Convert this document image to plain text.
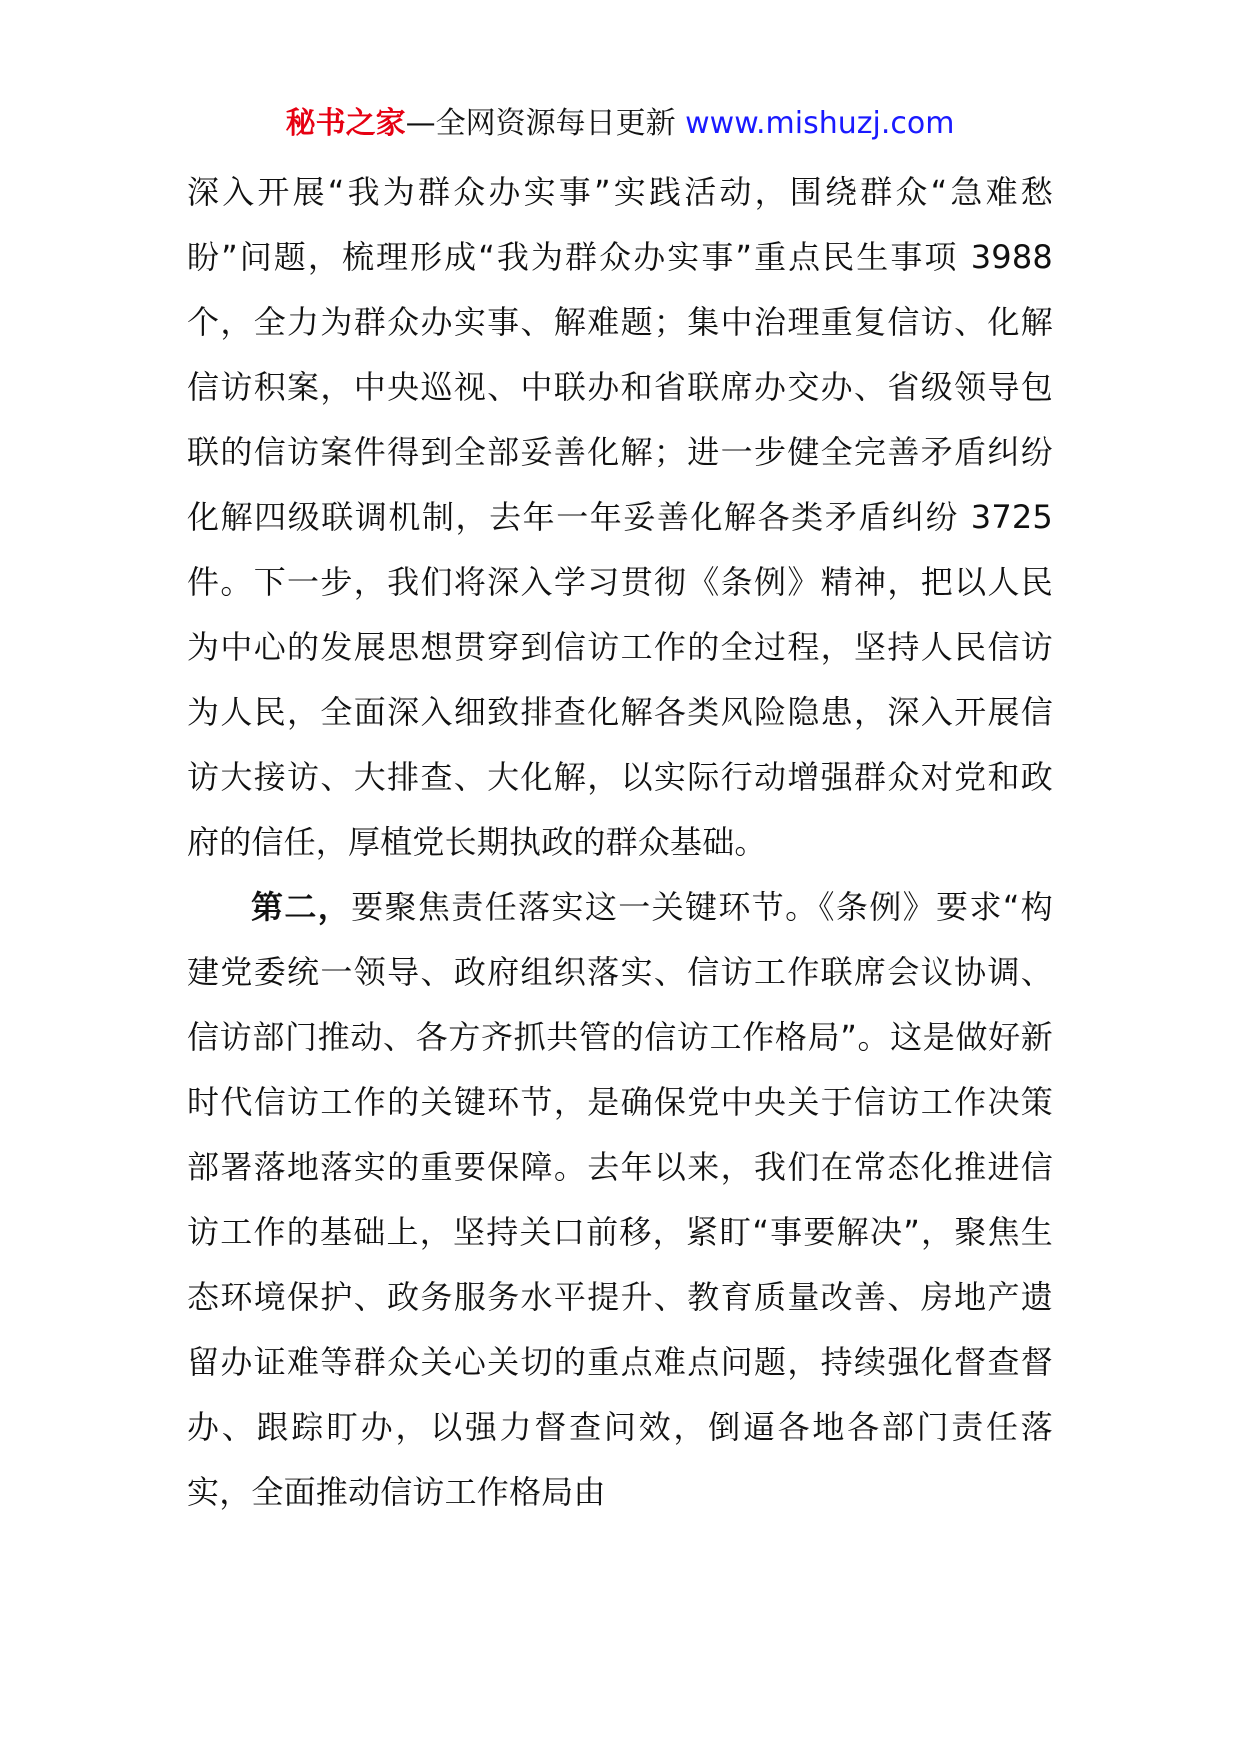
秘书之家—全网资源每日更新 www.mishuzj.com

深入开展“我为群众办实事”实践活动，围绕群众“急难愁盼”问题，梳理形成“我为群众办实事”重点民生事项 3988 个，全力为群众办实事、解难题；集中治理重复信访、化解信访积案，中央巡视、中联办和省联席办交办、省级领导包联的信访案件得到全部妥善化解；进一步健全完善矛盾纠纷化解四级联调机制，去年一年妥善化解各类矛盾纠纷 3725 件。下一步，我们将深入学习贯彻《条例》精神，把以人民为中心的发展思想贯穿到信访工作的全过程，坚持人民信访为人民，全面深入细致排查化解各类风险隐患，深入开展信访大接访、大排查、大化解，以实际行动增强群众对党和政府的信任，厚植党长期执政的群众基础。

第二，要聚焦责任落实这一关键环节。《条例》要求“构建党委统一领导、政府组织落实、信访工作联席会议协调、信访部门推动、各方齐抓共管的信访工作格局”。这是做好新时代信访工作的关键环节，是确保党中央关于信访工作决策部署落地落实的重要保障。去年以来，我们在常态化推进信访工作的基础上，坚持关口前移，紧盯“事要解决”，聚焦生态环境保护、政务服务水平提升、教育质量改善、房地产遗留办证难等群众关心关切的重点难点问题，持续强化督查督办、跟踪盯办，以强力督查问效，倒逼各地各部门责任落实，全面推动信访工作格局由
